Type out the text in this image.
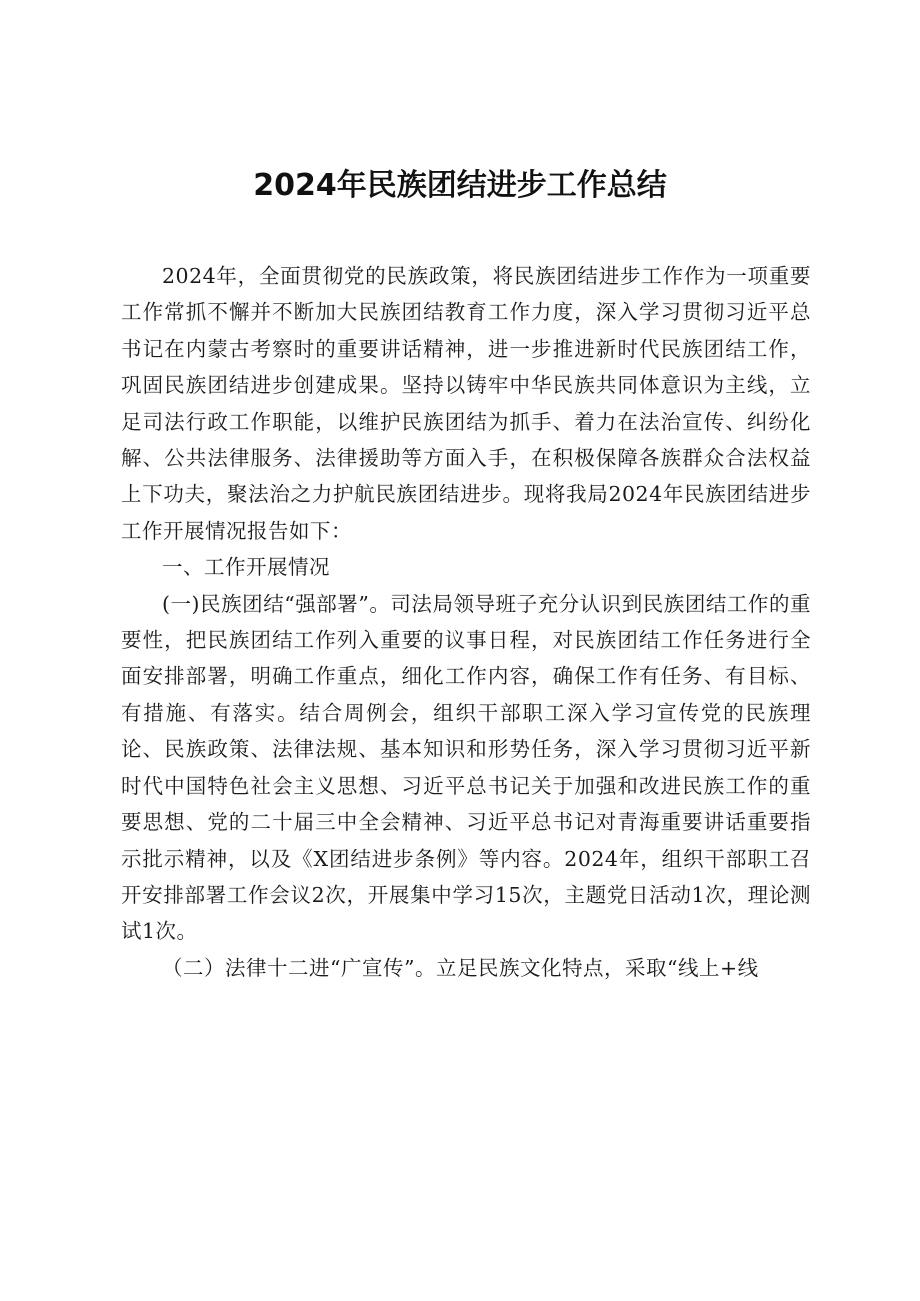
2024年民族团结进步工作总结

2024年，全面贯彻党的民族政策，将民族团结进步工作作为一项重要工作常抓不懈并不断加大民族团结教育工作力度，深入学习贯彻习近平总书记在内蒙古考察时的重要讲话精神，进一步推进新时代民族团结工作，巩固民族团结进步创建成果。坚持以铸牢中华民族共同体意识为主线，立足司法行政工作职能，以维护民族团结为抓手、着力在法治宣传、纠纷化解、公共法律服务、法律援助等方面入手，在积极保障各族群众合法权益上下功夫，聚法治之力护航民族团结进步。现将我局2024年民族团结进步工作开展情况报告如下：

一、工作开展情况

(一)民族团结“强部署”。司法局领导班子充分认识到民族团结工作的重要性，把民族团结工作列入重要的议事日程，对民族团结工作任务进行全面安排部署，明确工作重点，细化工作内容，确保工作有任务、有目标、有措施、有落实。结合周例会，组织干部职工深入学习宣传党的民族理论、民族政策、法律法规、基本知识和形势任务，深入学习贯彻习近平新时代中国特色社会主义思想、习近平总书记关于加强和改进民族工作的重要思想、党的二十届三中全会精神、习近平总书记对青海重要讲话重要指示批示精神，以及《X团结进步条例》等内容。2024年，组织干部职工召开安排部署工作会议2次，开展集中学习15次，主题党日活动1次，理论测试1次。

（二）法律十二进“广宣传”。立足民族文化特点，采取“线上+线
